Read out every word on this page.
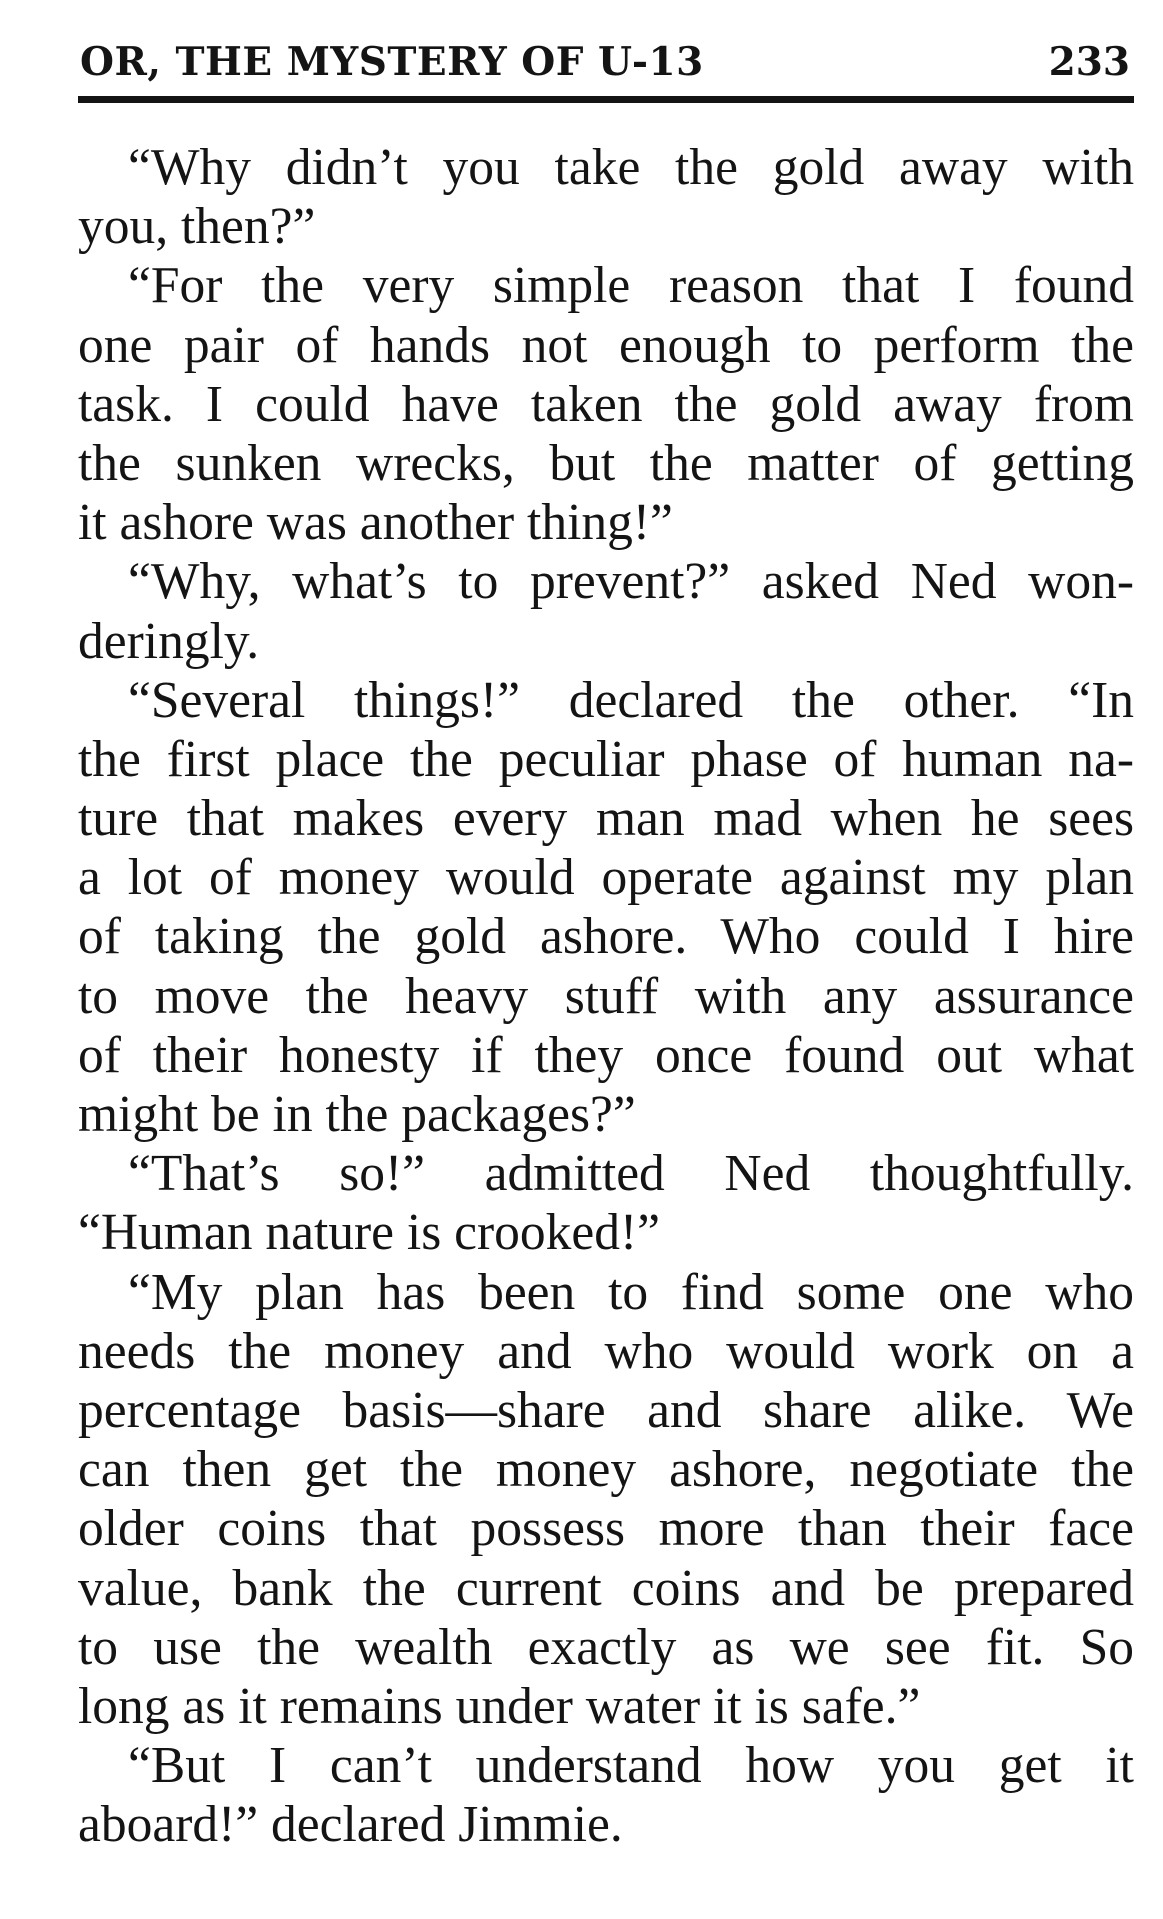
OR, THE MYSTERY OF U-13	233
“Why didn’t you take the gold away with
you, then?”
“For the very simple reason that I found
one pair of hands not enough to perform the
task. I could have taken the gold away from
the sunken wrecks, but the matter of getting
it ashore was another thing!”
“Why, what’s to prevent?” asked Ned won-
deringly.
“Several things!” declared the other. “In
the first place the peculiar phase of human na-
ture that makes every man mad when he sees
a lot of money would operate against my plan
of taking the gold ashore. Who could I hire
to move the heavy stuff with any assurance
of their honesty if they once found out what
might be in the packages?”
“That’s so!” admitted Ned thoughtfully.
“Human nature is crooked!”
“My plan has been to find some one who
needs the money and who would work on a
percentage basis—share and share alike. We
can then get the money ashore, negotiate the
older coins that possess more than their face
value, bank the current coins and be prepared
to use the wealth exactly as we see fit. So
long as it remains under water it is safe.”
“But I can’t understand how you get it
aboard!” declared Jimmie.
